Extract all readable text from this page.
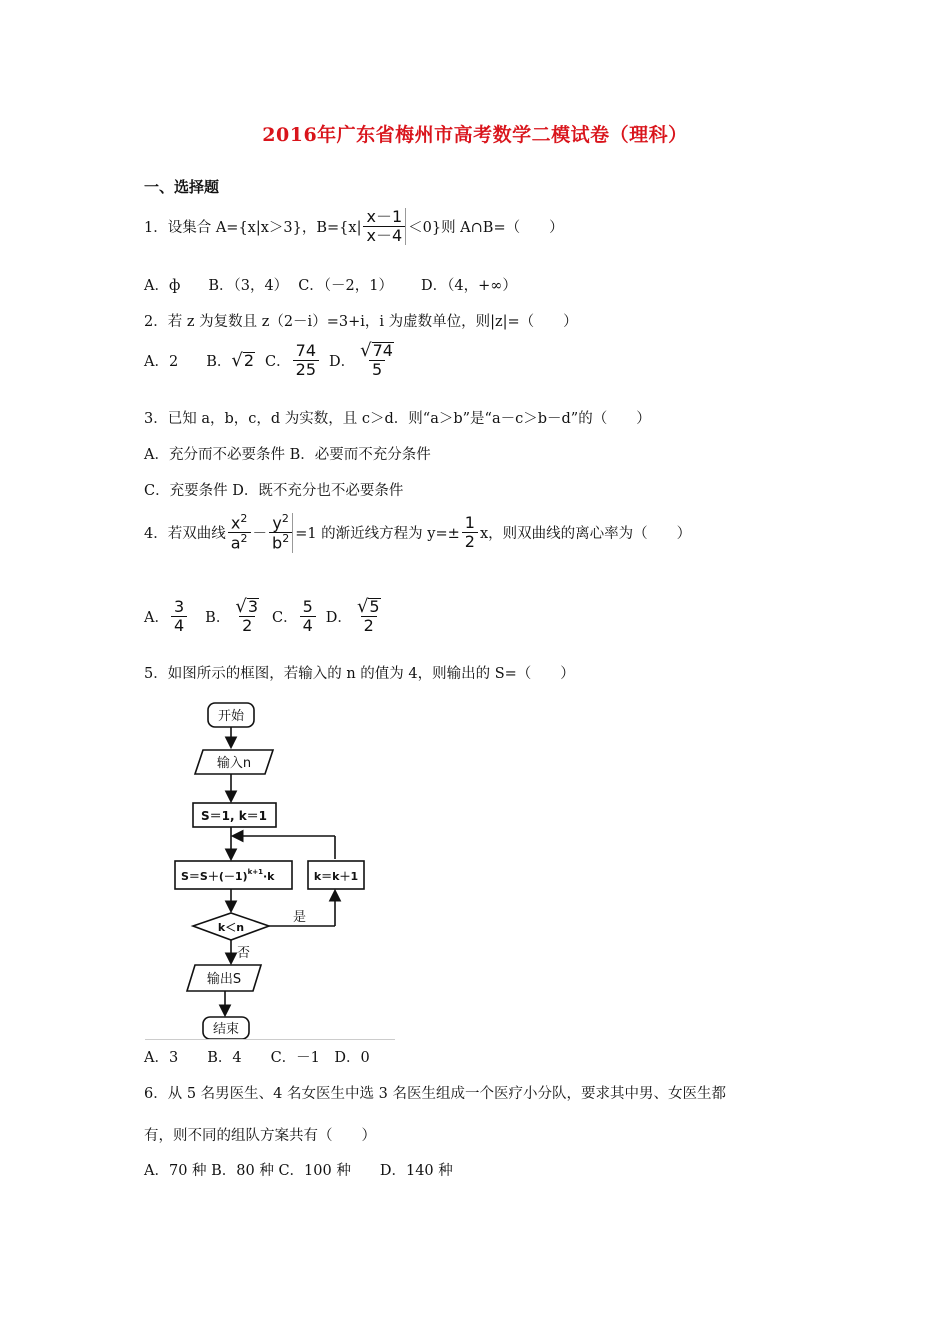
2016年广东省梅州市高考数学二模试卷（理科）
一、选择题
1．设集合 A={x|x＞3}，$B=\{x| \frac{x-1}{x-4} <0\}$则 A∩B=（　　）
A．ф B．（3，4） C．（－2，1） D．（4，+∞）
2．若 z 为复数且 z（2－i）=3+i，i 为虚数单位，则|z|=（　　）
A．2 B． √ 2 C． $\frac{74}{25}$ D． $\frac{√ 74}{5}$
3．已知 a，b，c，d 为实数，且 c＞d．则“a＞b”是“a－c＞b－d”的（　　）
A．充分而不必要条件 B．必要而不充分条件
C．充要条件 D．既不充分也不必要条件
4．若双曲线 $\frac{x^2}{a^2} - \frac{y^2}{b^2} =1$ 的渐近线方程为 $y=\pm \frac{1}{2}$ x，则双曲线的离心率为（　　）
A． $\frac{3}{4}$ B． $\frac{√ 3}{2}$ C． $\frac{5}{4}$ D． $\frac{√ 5}{2}$
5．如图所示的框图，若输入的 n 的值为 4，则输出的 S=（　　）
开始
输入n
S＝1, k＝1
$S=S+(-1)^{k+1}\cdot k$	k＝k＋1
k＜n
是
否
输出S
结束
A．3　　B．4　　C．－1　D．0
6．从 5 名男医生、4 名女医生中选 3 名医生组成一个医疗小分队，要求其中男、女医生都
有，则不同的组队方案共有（　　）
A．70 种 B．80 种 C．100 种　　D．140 种
